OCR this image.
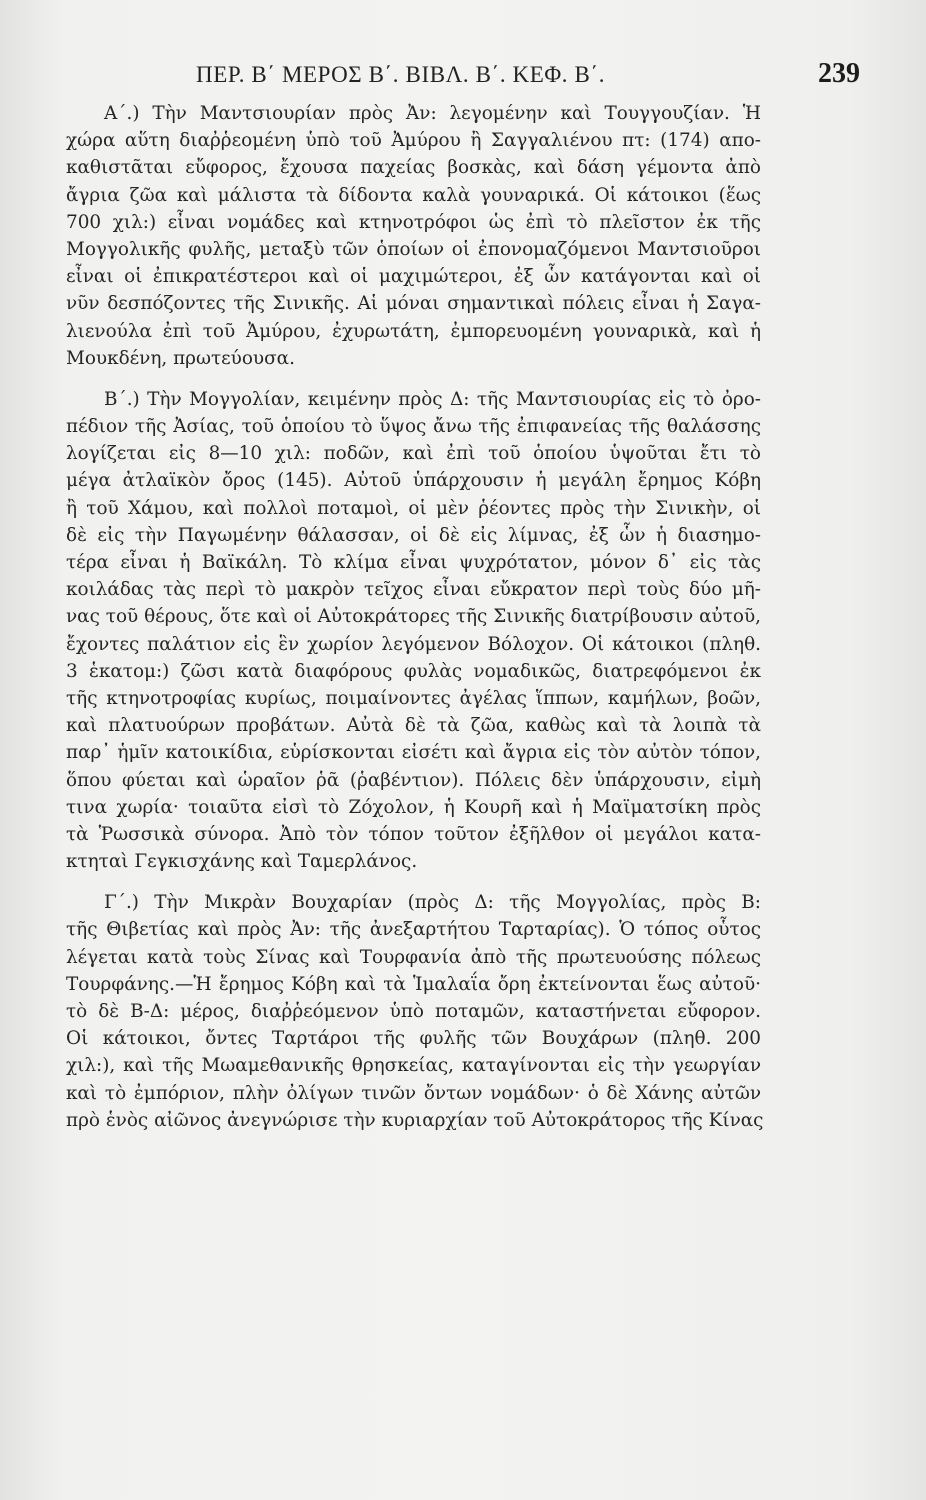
ΠΕΡ. Β΄ ΜΕΡΟΣ Β΄. ΒΙΒΛ. Β΄. ΚΕΦ. Β΄.	239
Α΄.) Τὴν Μαντσιουρίαν πρὸς Ἀν: λεγομένην καὶ Τουγγουζίαν. Ἡ
χώρα αὕτη διαῤῥεομένη ὑπὸ τοῦ Ἀμύρου ἢ Σαγγαλιένου πτ: (174) απο-
καθιστᾶται εὔφορος, ἔχουσα παχείας βοσκὰς, καὶ δάση γέμοντα ἀπὸ
ἄγρια ζῶα καὶ μάλιστα τὰ δίδοντα καλὰ γουναρικά. Οἱ κάτοικοι (ἕως
700 χιλ:) εἶναι νομάδες καὶ κτηνοτρόφοι ὡς ἐπὶ τὸ πλεῖστον ἐκ τῆς
Μογγολικῆς φυλῆς, μεταξὺ τῶν ὁποίων οἱ ἐπονομαζόμενοι Μαντσιοῦροι
εἶναι οἱ ἐπικρατέστεροι καὶ οἱ μαχιμώτεροι, ἐξ ὧν κατάγονται καὶ οἱ
νῦν δεσπόζοντες τῆς Σινικῆς. Αἱ μόναι σημαντικαὶ πόλεις εἶναι ἡ Σαγα-
λιενούλα ἐπὶ τοῦ Ἀμύρου, ἐχυρωτάτη, ἐμπορευομένη γουναρικὰ, καὶ ἡ
Μουκδένη, πρωτεύουσα.
Β΄.) Τὴν Μογγολίαν, κειμένην πρὸς Δ: τῆς Μαντσιουρίας εἰς τὸ ὀρο-
πέδιον τῆς Ἀσίας, τοῦ ὁποίου τὸ ὕψος ἄνω τῆς ἐπιφανείας τῆς θαλάσσης
λογίζεται εἰς 8—10 χιλ: ποδῶν, καὶ ἐπὶ τοῦ ὁποίου ὑψοῦται ἔτι τὸ
μέγα ἀτλαϊκὸν ὄρος (145). Αὐτοῦ ὑπάρχουσιν ἡ μεγάλη ἔρημος Κόβη
ἢ τοῦ Χάμου, καὶ πολλοὶ ποταμοὶ, οἱ μὲν ῥέοντες πρὸς τὴν Σινικὴν, οἱ
δὲ εἰς τὴν Παγωμένην θάλασσαν, οἱ δὲ εἰς λίμνας, ἐξ ὧν ἡ διασημο-
τέρα εἶναι ἡ Βαϊκάλη. Τὸ κλίμα εἶναι ψυχρότατον, μόνον δ᾽ εἰς τὰς
κοιλάδας τὰς περὶ τὸ μακρὸν τεῖχος εἶναι εὔκρατον περὶ τοὺς δύο μῆ-
νας τοῦ θέρους, ὅτε καὶ οἱ Αὐτοκράτορες τῆς Σινικῆς διατρίβουσιν αὐτοῦ,
ἔχοντες παλάτιον εἰς ἓν χωρίον λεγόμενον Βόλοχον. Οἱ κάτοικοι (πληθ.
3 ἑκατομ:) ζῶσι κατὰ διαφόρους φυλὰς νομαδικῶς, διατρεφόμενοι ἐκ
τῆς κτηνοτροφίας κυρίως, ποιμαίνοντες ἀγέλας ἵππων, καμήλων, βοῶν,
καὶ πλατυούρων προβάτων. Αὐτὰ δὲ τὰ ζῶα, καθὼς καὶ τὰ λοιπὰ τὰ
παρ᾽ ἡμῖν κατοικίδια, εὑρίσκονται εἰσέτι καὶ ἄγρια εἰς τὸν αὐτὸν τόπον,
ὅπου φύεται καὶ ὡραῖον ῥᾶ (ῥαβέντιον). Πόλεις δὲν ὑπάρχουσιν, εἰμὴ
τινα χωρία· τοιαῦτα εἰσὶ τὸ Ζόχολον, ἡ Κουρῆ καὶ ἡ Μαϊματσίκη πρὸς
τὰ Ῥωσσικὰ σύνορα. Ἀπὸ τὸν τόπον τοῦτον ἐξῆλθον οἱ μεγάλοι κατα-
κτηταὶ Γεγκισχάνης καὶ Ταμερλάνος.
Γ΄.) Τὴν Μικρὰν Βουχαρίαν (πρὸς Δ: τῆς Μογγολίας, πρὸς Β:
τῆς Θιβετίας καὶ πρὸς Ἀν: τῆς ἀνεξαρτήτου Ταρταρίας). Ὁ τόπος οὗτος
λέγεται κατὰ τοὺς Σίνας καὶ Τουρφανία ἀπὸ τῆς πρωτευούσης πόλεως
Τουρφάνης.—Ἡ ἔρημος Κόβη καὶ τὰ Ἱμαλαΐα ὄρη ἐκτείνονται ἕως αὐτοῦ·
τὸ δὲ Β-Δ: μέρος, διαῤῥεόμενον ὑπὸ ποταμῶν, καταστήνεται εὔφορον.
Οἱ κάτοικοι, ὄντες Ταρτάροι τῆς φυλῆς τῶν Βουχάρων (πληθ. 200
χιλ:), καὶ τῆς Μωαμεθανικῆς θρησκείας, καταγίνονται εἰς τὴν γεωργίαν
καὶ τὸ ἐμπόριον, πλὴν ὀλίγων τινῶν ὄντων νομάδων· ὁ δὲ Χάνης αὐτῶν
πρὸ ἑνὸς αἰῶνος ἀνεγνώρισε τὴν κυριαρχίαν τοῦ Αὐτοκράτορος τῆς Κίνας
